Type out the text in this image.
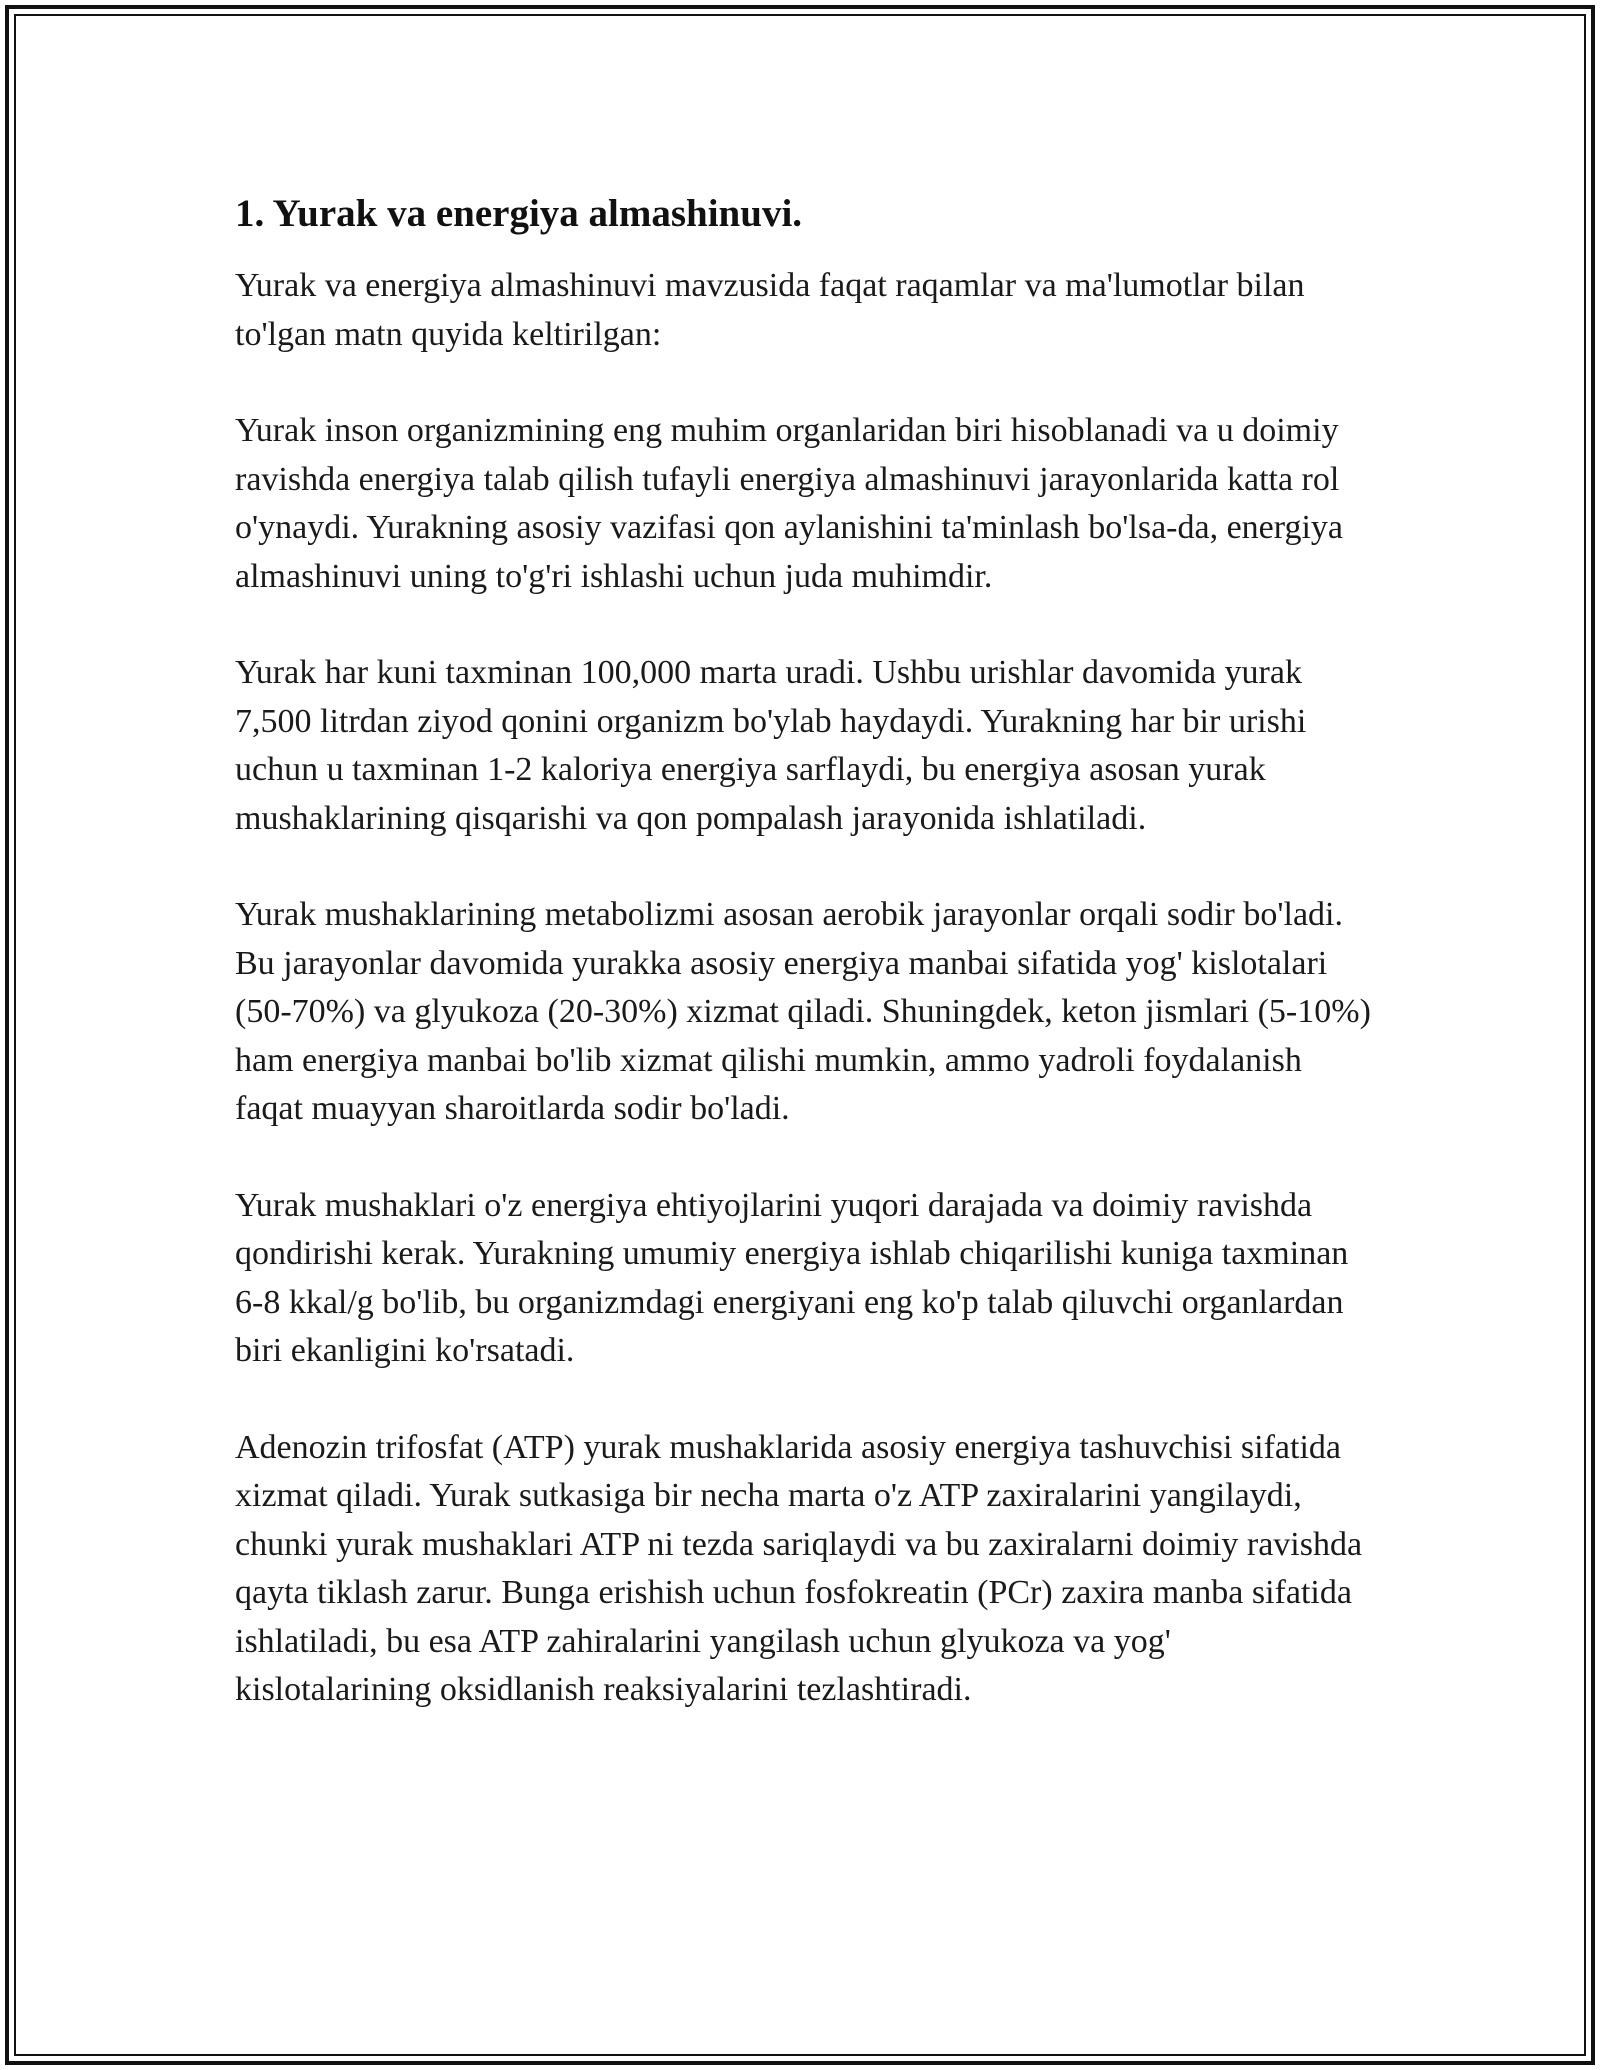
1. Yurak va energiya almashinuvi.

Yurak va energiya almashinuvi mavzusida faqat raqamlar va ma'lumotlar bilan to'lgan matn quyida keltirilgan:

Yurak inson organizmining eng muhim organlaridan biri hisoblanadi va u doimiy ravishda energiya talab qilish tufayli energiya almashinuvi jarayonlarida katta rol o'ynaydi. Yurakning asosiy vazifasi qon aylanishini ta'minlash bo'lsa-da, energiya almashinuvi uning to'g'ri ishlashi uchun juda muhimdir.

Yurak har kuni taxminan 100,000 marta uradi. Ushbu urishlar davomida yurak 7,500 litrdan ziyod qonini organizm bo'ylab haydaydi. Yurakning har bir urishi uchun u taxminan 1-2 kaloriya energiya sarflaydi, bu energiya asosan yurak mushaklarining qisqarishi va qon pompalash jarayonida ishlatiladi.

Yurak mushaklarining metabolizmi asosan aerobik jarayonlar orqali sodir bo'ladi. Bu jarayonlar davomida yurakka asosiy energiya manbai sifatida yog' kislotalari (50-70%) va glyukoza (20-30%) xizmat qiladi. Shuningdek, keton jismlari (5-10%) ham energiya manbai bo'lib xizmat qilishi mumkin, ammo yadroli foydalanish faqat muayyan sharoitlarda sodir bo'ladi.

Yurak mushaklari o'z energiya ehtiyojlarini yuqori darajada va doimiy ravishda qondirishi kerak. Yurakning umumiy energiya ishlab chiqarilishi kuniga taxminan 6-8 kkal/g bo'lib, bu organizmdagi energiyani eng ko'p talab qiluvchi organlardan biri ekanligini ko'rsatadi.

Adenozin trifosfat (ATP) yurak mushaklarida asosiy energiya tashuvchisi sifatida xizmat qiladi. Yurak sutkasiga bir necha marta o'z ATP zaxiralarini yangilaydi, chunki yurak mushaklari ATP ni tezda sariqlaydi va bu zaxiralarni doimiy ravishda qayta tiklash zarur. Bunga erishish uchun fosfokreatin (PCr) zaxira manba sifatida ishlatiladi, bu esa ATP zahiralarini yangilash uchun glyukoza va yog' kislotalarining oksidlanish reaksiyalarini tezlashtiradi.
